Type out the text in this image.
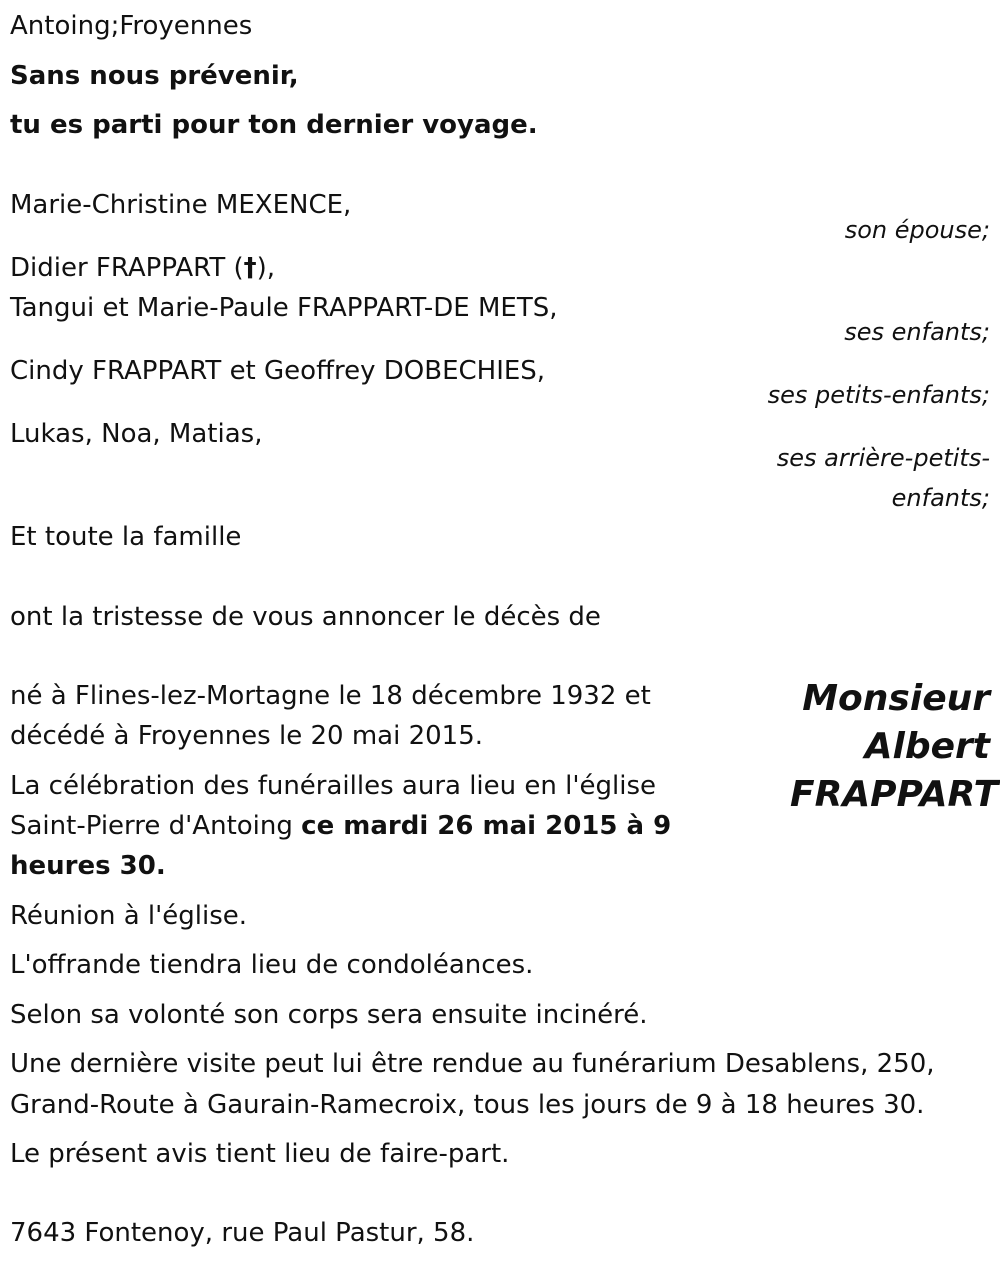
Antoing;Froyennes
Sans nous prévenir,
tu es parti pour ton dernier voyage.
Marie-Christine MEXENCE,
son épouse;
Didier FRAPPART (†),
Tangui et Marie-Paule FRAPPART-DE METS,
ses enfants;
Cindy FRAPPART et Geoffrey DOBECHIES,
ses petits-enfants;
Lukas, Noa, Matias,
ses arrière-petits-
enfants;
Et toute la famille
ont la tristesse de vous annoncer le décès de
Monsieur
Albert
FRAPPART
né à Flines-lez-Mortagne le 18 décembre 1932 et
décédé à Froyennes le 20 mai 2015.
La célébration des funérailles aura lieu en l'église
Saint-Pierre d'Antoing ce mardi 26 mai 2015 à 9
heures 30.
Réunion à l'église.
L'offrande tiendra lieu de condoléances.
Selon sa volonté son corps sera ensuite incinéré.
Une dernière visite peut lui être rendue au funérarium Desablens, 250,
Grand-Route à Gaurain-Ramecroix, tous les jours de 9 à 18 heures 30.
Le présent avis tient lieu de faire-part.
7643 Fontenoy, rue Paul Pastur, 58.
